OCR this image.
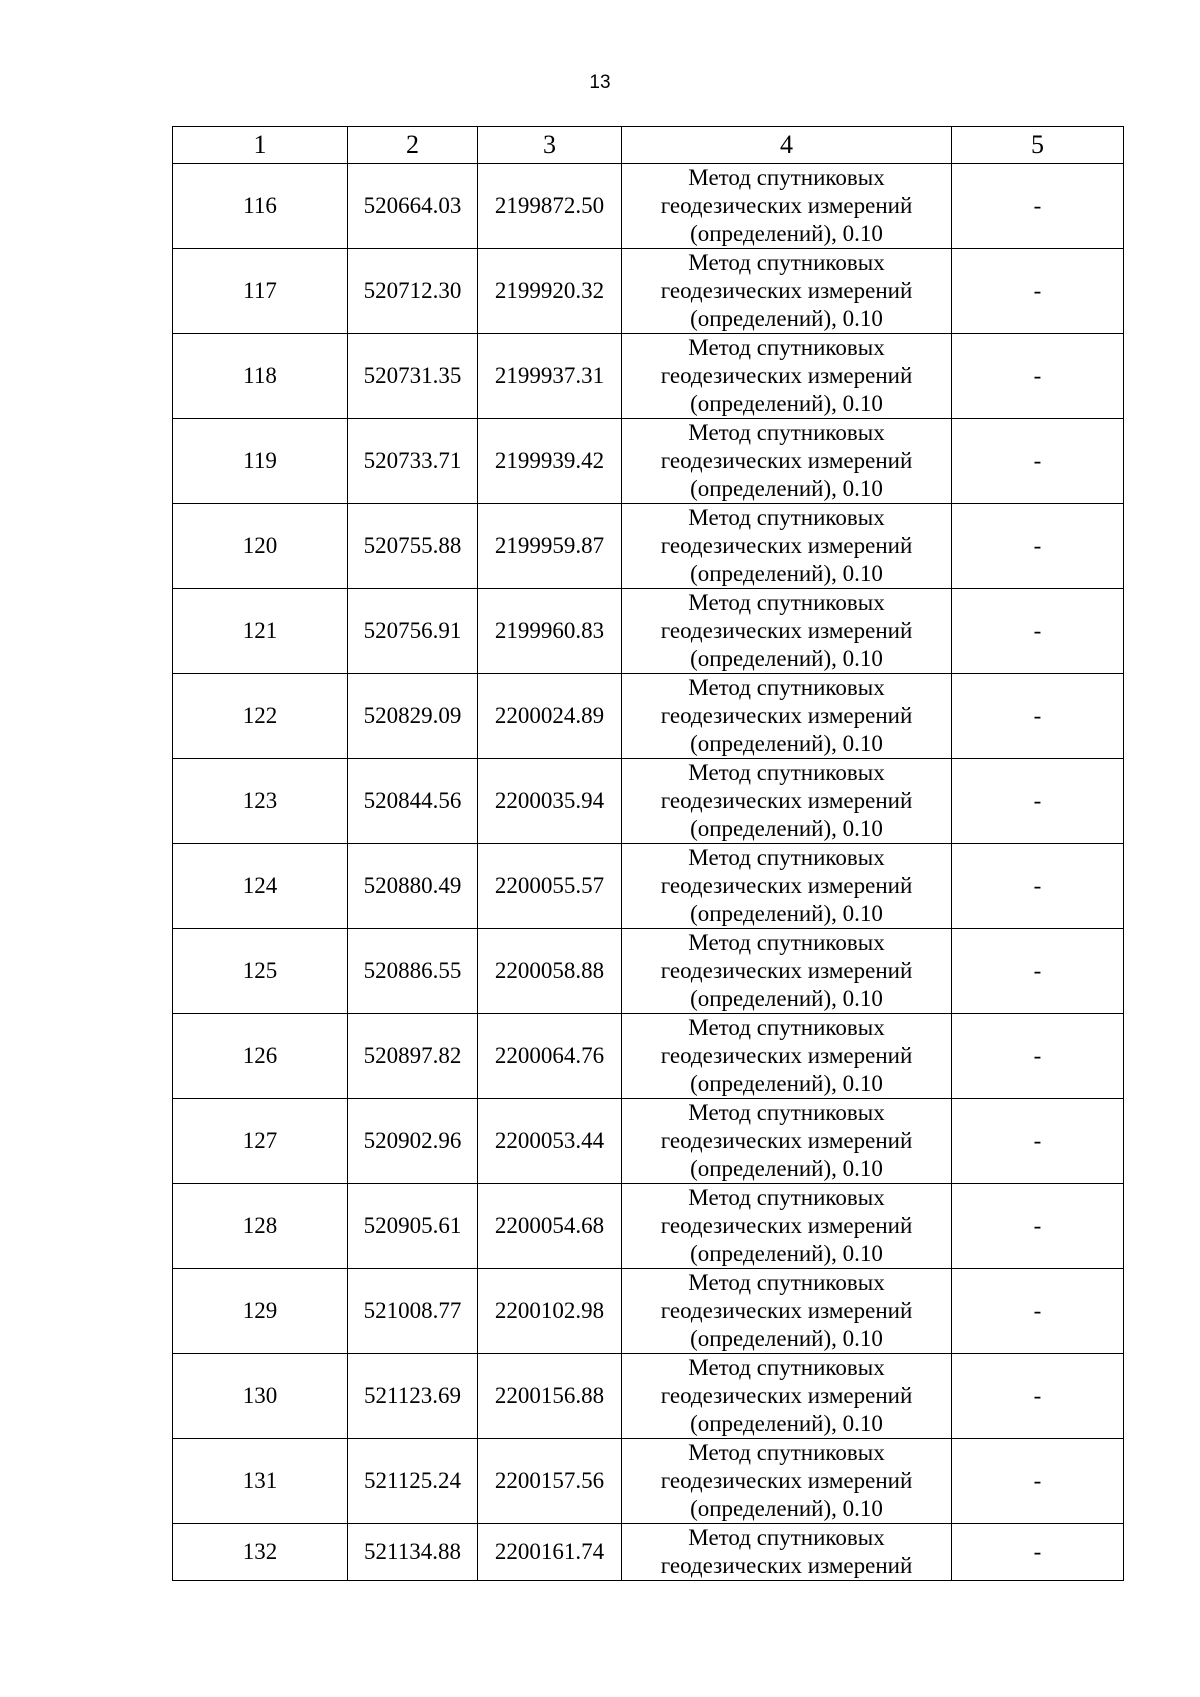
13
1	2	3	4	5
116	520664.03	2199872.50	Метод спутниковых геодезических измерений (определений), 0.10	-
117	520712.30	2199920.32	Метод спутниковых геодезических измерений (определений), 0.10	-
118	520731.35	2199937.31	Метод спутниковых геодезических измерений (определений), 0.10	-
119	520733.71	2199939.42	Метод спутниковых геодезических измерений (определений), 0.10	-
120	520755.88	2199959.87	Метод спутниковых геодезических измерений (определений), 0.10	-
121	520756.91	2199960.83	Метод спутниковых геодезических измерений (определений), 0.10	-
122	520829.09	2200024.89	Метод спутниковых геодезических измерений (определений), 0.10	-
123	520844.56	2200035.94	Метод спутниковых геодезических измерений (определений), 0.10	-
124	520880.49	2200055.57	Метод спутниковых геодезических измерений (определений), 0.10	-
125	520886.55	2200058.88	Метод спутниковых геодезических измерений (определений), 0.10	-
126	520897.82	2200064.76	Метод спутниковых геодезических измерений (определений), 0.10	-
127	520902.96	2200053.44	Метод спутниковых геодезических измерений (определений), 0.10	-
128	520905.61	2200054.68	Метод спутниковых геодезических измерений (определений), 0.10	-
129	521008.77	2200102.98	Метод спутниковых геодезических измерений (определений), 0.10	-
130	521123.69	2200156.88	Метод спутниковых геодезических измерений (определений), 0.10	-
131	521125.24	2200157.56	Метод спутниковых геодезических измерений (определений), 0.10	-
132	521134.88	2200161.74	Метод спутниковых геодезических измерений	-
